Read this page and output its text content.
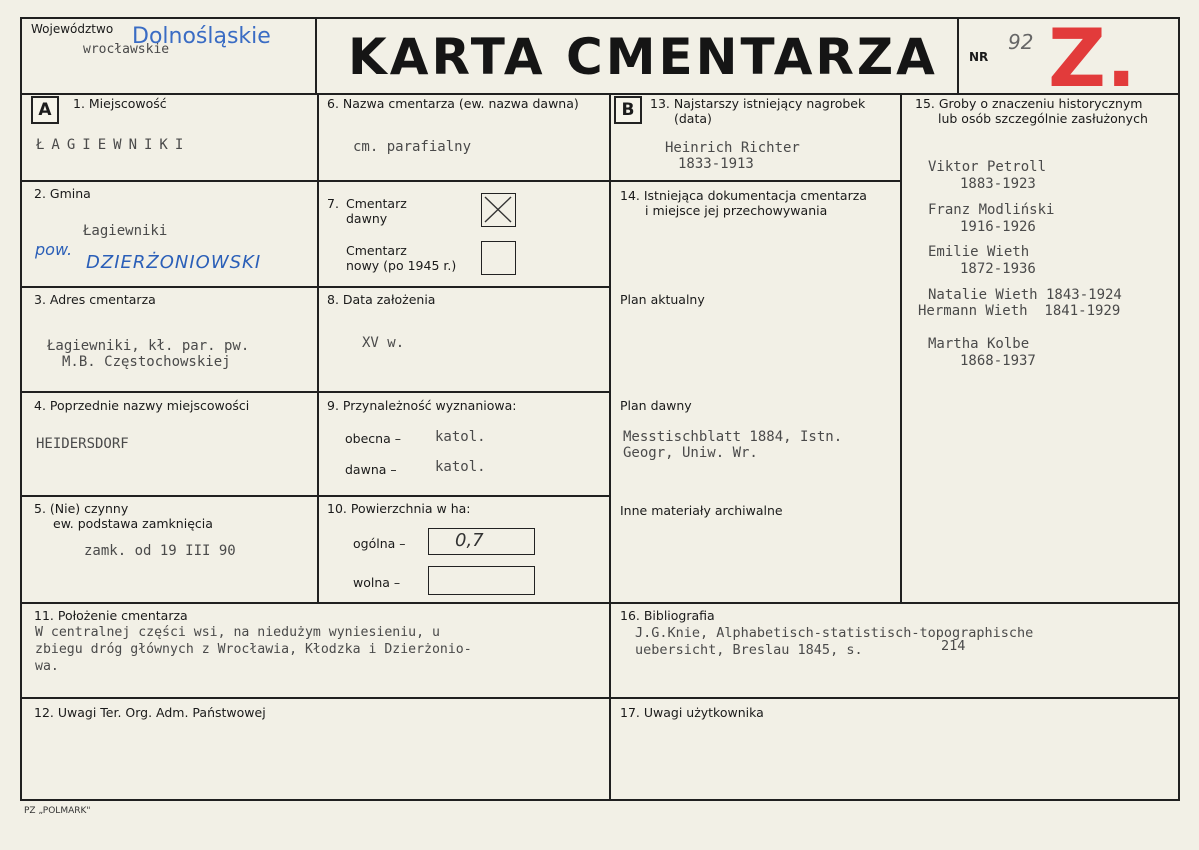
Województwo Dolnośląskie
wrocławskie	KARTA CMENTARZA	NR
92 Z.
A	B
1. Miejscowość
ŁAGIEWNIKI
2. Gmina
Łagiewniki
pow.
DZIERŻONIOWSKI
3. Adres cmentarza
Łagiewniki, kł. par. pw.
M.B. Częstochowskiej
4. Poprzednie nazwy miejscowości
HEIDERSDORF
5. (Nie) czynny
ew. podstawa zamknięcia
zamk. od 19 III 90
6. Nazwa cmentarza (ew. nazwa dawna)
cm. parafialny
7. Cmentarz
dawny
Cmentarz
nowy (po 1945 r.)
8. Data założenia
XV w.
9. Przynależność wyznaniowa:
obecna – katol.
dawna –	katol.
10. Powierzchnia w ha:
ogólna –	0,7
wolna –
11. Położenie cmentarza
W centralnej części wsi, na niedużym wyniesieniu, u
zbiegu dróg głównych z Wrocławia, Kłodzka i Dzierżonio-
wa.
12. Uwagi Ter. Org. Adm. Państwowej
13. Najstarszy istniejący nagrobek
(data)
Heinrich Richter
1833-1913
14. Istniejąca dokumentacja cmentarza
i miejsce jej przechowywania
Plan aktualny
Plan dawny
Messtischblatt 1884, Istn.
Geogr, Uniw. Wr.
Inne materiały archiwalne
15. Groby o znaczeniu historycznym
lub osób szczególnie zasłużonych
Viktor Petroll
1883-1923
Franz Modliński
1916-1926
Emilie Wieth
1872-1936
Natalie Wieth 1843-1924
Hermann Wieth  1841-1929
Martha Kolbe
1868-1937
16. Bibliografia
J.G.Knie, Alphabetisch-statistisch-topographische
uebersicht, Breslau 1845, s.	214
17. Uwagi użytkownika
PZ „POLMARK"
